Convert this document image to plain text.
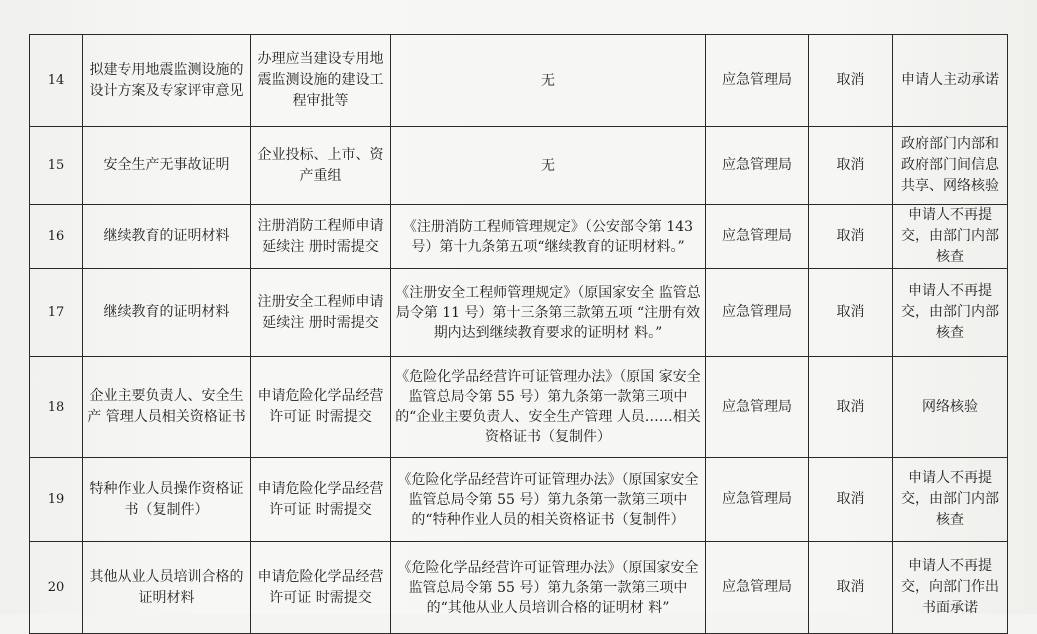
14	拟建专用地震监测设施的设计方案及专家评审意见	办理应当建设专用地震监测设施的建设工程审批等	无	应急管理局	取消	申请人主动承诺
15	安全生产无事故证明	企业投标、上市、资产重组	无	应急管理局	取消	政府部门内部和政府部门间信息共享、网络核验
16	继续教育的证明材料	注册消防工程师申请延续注 册时需提交	《注册消防工程师管理规定》（公安部令第 143 号）第十九条第五项“继续教育的证明材料。”	应急管理局	取消	申请人不再提交，由部门内部核查
17	继续教育的证明材料	注册安全工程师申请延续注 册时需提交	《注册安全工程师管理规定》（原国家安全 监管总局令第 11 号）第十三条第三款第五项 “注册有效期内达到继续教育要求的证明材 料。”	应急管理局	取消	申请人不再提交，由部门内部核查
18	企业主要负责人、安全生产 管理人员相关资格证书	申请危险化学品经营许可证 时需提交	《危险化学品经营许可证管理办法》（原国 家安全监管总局令第 55 号）第九条第一款第三项中的“企业主要负责人、安全生产管理 人员……相关资格证书（复制件）	应急管理局	取消	网络核验
19	特种作业人员操作资格证书（复制件）	申请危险化学品经营许可证 时需提交	《危险化学品经营许可证管理办法》（原国家安全监管总局令第 55 号）第九条第一款第三项中的“特种作业人员的相关资格证书（复制件）	应急管理局	取消	申请人不再提交，由部门内部核查
20	其他从业人员培训合格的证明材料	申请危险化学品经营许可证 时需提交	《危险化学品经营许可证管理办法》（原国家安全监管总局令第 55 号）第九条第一款第三项中的“其他从业人员培训合格的证明材 料”	应急管理局	取消	申请人不再提交，向部门作出书面承诺
